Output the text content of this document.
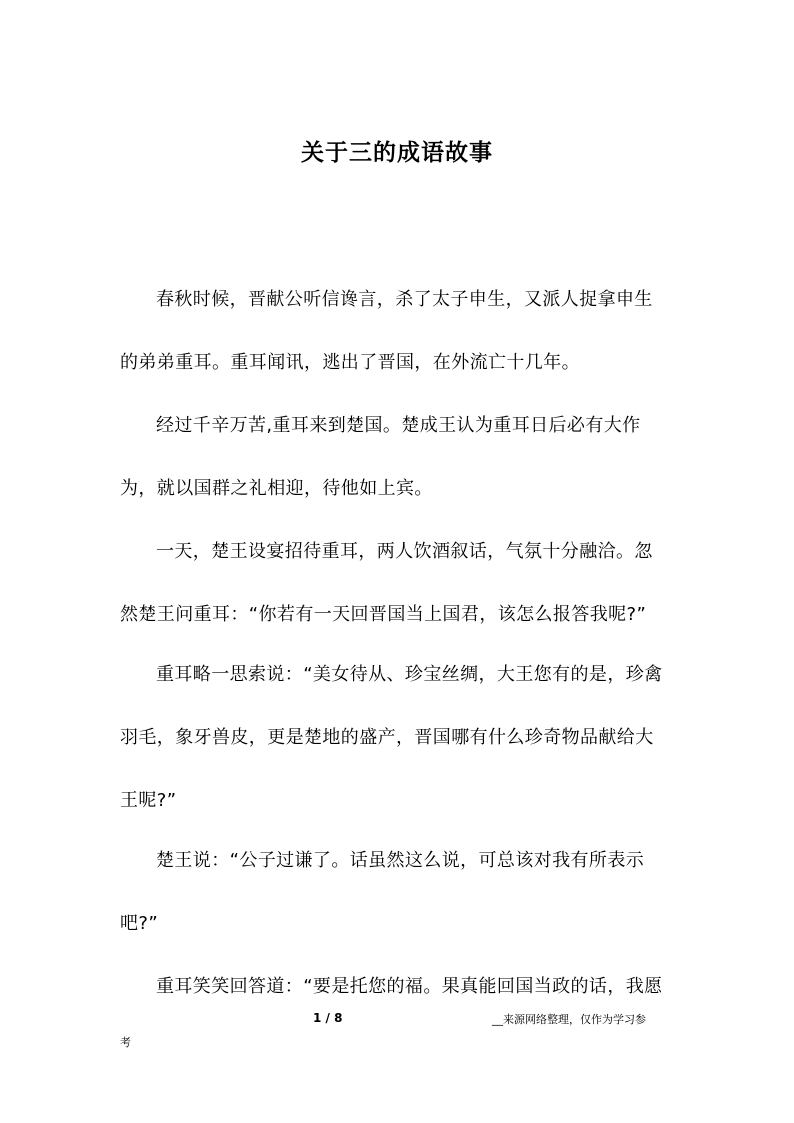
关于三的成语故事
春秋时候，晋献公听信谗言，杀了太子申生，又派人捉拿申生
的弟弟重耳。重耳闻讯，逃出了晋国，在外流亡十几年。
经过千辛万苦,重耳来到楚国。楚成王认为重耳日后必有大作
为，就以国群之礼相迎，待他如上宾。
一天，楚王设宴招待重耳，两人饮酒叙话，气氛十分融洽。忽
然楚王问重耳：“你若有一天回晋国当上国君，该怎么报答我呢?”
重耳略一思索说：“美女待从、珍宝丝绸，大王您有的是，珍禽
羽毛，象牙兽皮，更是楚地的盛产，晋国哪有什么珍奇物品献给大
王呢?”
楚王说：“公子过谦了。话虽然这么说，可总该对我有所表示
吧?”
重耳笑笑回答道：“要是托您的福。果真能回国当政的话，我愿
1 / 8	__来源网络整理，仅作为学习参
考
